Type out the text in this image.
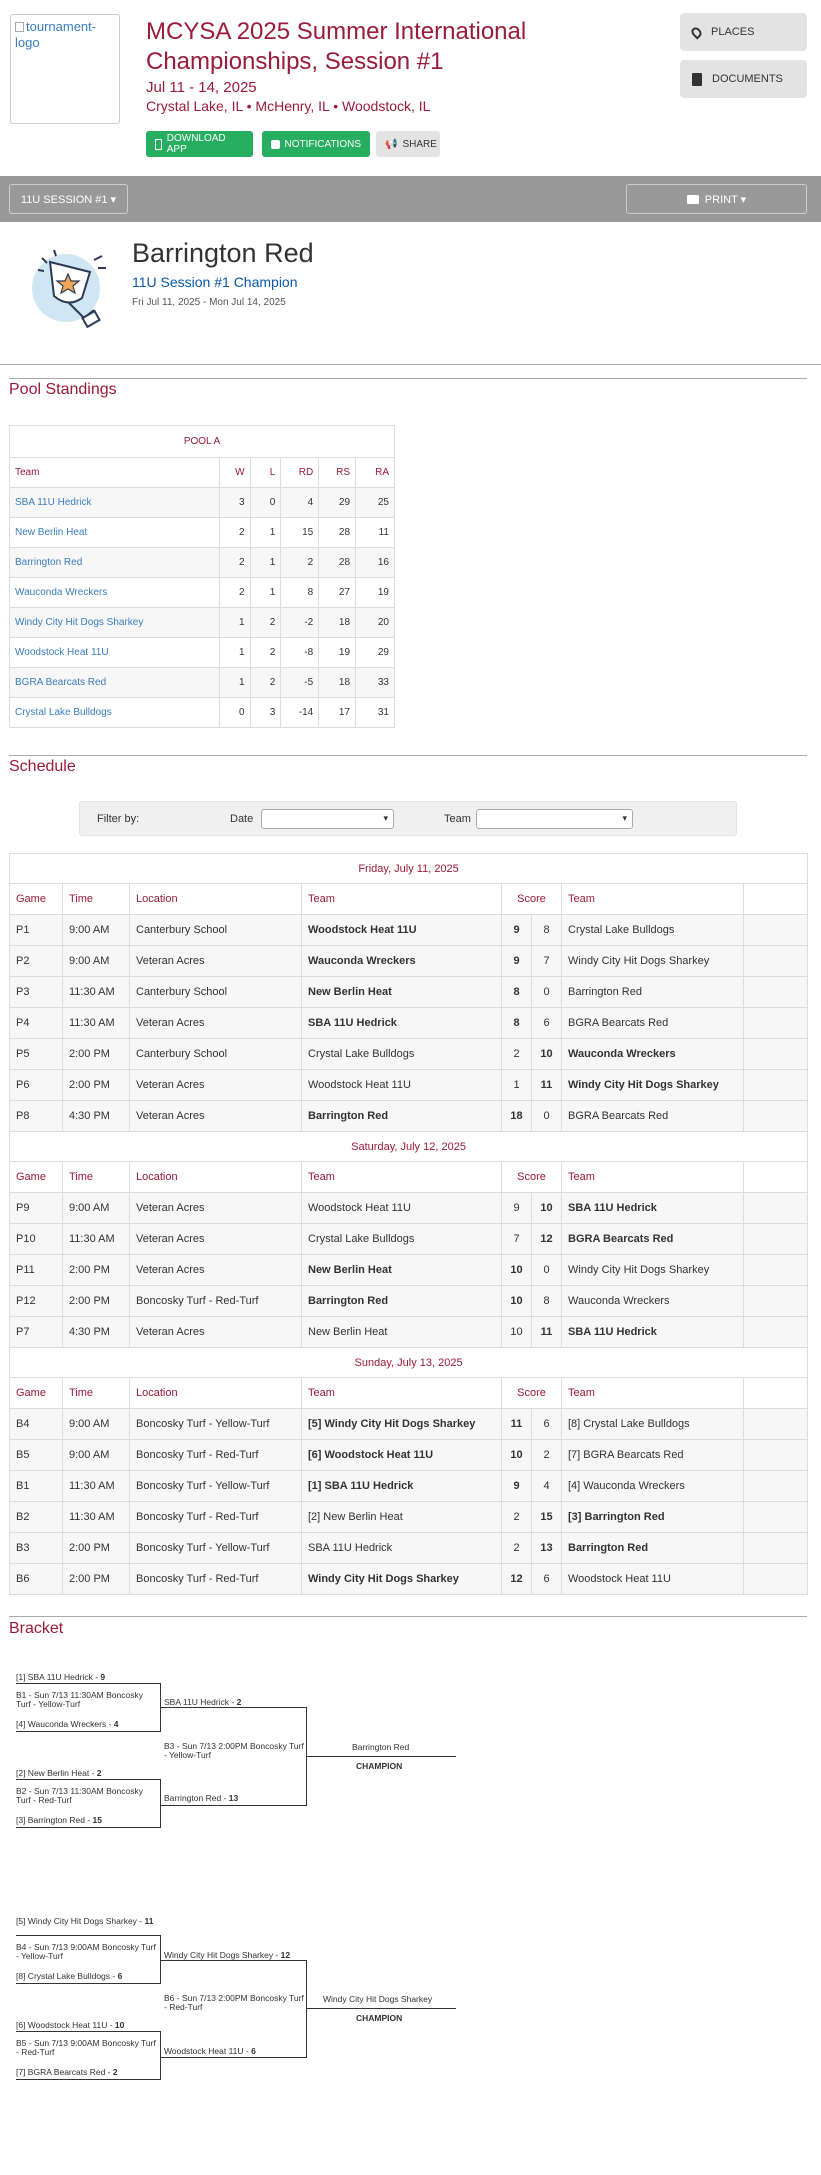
tournament-logo	MCYSA 2025 Summer International Championships, Session #1
Jul 11 - 14, 2025
Crystal Lake, IL • McHenry, IL • Woodstock, IL
DOWNLOAD APP	NOTIFICATIONS 📢 SHARE
PLACES
DOCUMENTS
11U SESSION #1 ▾	PRINT ▾
Barrington Red
11U Session #1 Champion
Fri Jul 11, 2025 - Mon Jul 14, 2025
Pool Standings
POOL A					
Team	W	L	RD	RS	RA
SBA 11U Hedrick	3	0	4	29	25
New Berlin Heat	2	1	15	28	11
Barrington Red	2	1	2	28	16
Wauconda Wreckers	2	1	8	27	19
Windy City Hit Dogs Sharkey	1	2	-2	18	20
Woodstock Heat 11U	1	2	-8	19	29
BGRA Bearcats Red	1	2	-5	18	33
Crystal Lake Bulldogs	0	3	-14	17	31
Schedule
Filter by:	Date	▾	Team	▾
Friday, July 11, 2025							
Game	Time	Location	Team	Score		Team	
P1	9:00 AM	Canterbury School	Woodstock Heat 11U	9	8	Crystal Lake Bulldogs	
P2	9:00 AM	Veteran Acres	Wauconda Wreckers	9	7	Windy City Hit Dogs Sharkey	
P3	11:30 AM	Canterbury School	New Berlin Heat	8	0	Barrington Red	
P4	11:30 AM	Veteran Acres	SBA 11U Hedrick	8	6	BGRA Bearcats Red	
P5	2:00 PM	Canterbury School	Crystal Lake Bulldogs	2	10	Wauconda Wreckers	
P6	2:00 PM	Veteran Acres	Woodstock Heat 11U	1	11	Windy City Hit Dogs Sharkey	
P8	4:30 PM	Veteran Acres	Barrington Red	18	0	BGRA Bearcats Red	
Saturday, July 12, 2025							
Game	Time	Location	Team	Score		Team	
P9	9:00 AM	Veteran Acres	Woodstock Heat 11U	9	10	SBA 11U Hedrick	
P10	11:30 AM	Veteran Acres	Crystal Lake Bulldogs	7	12	BGRA Bearcats Red	
P11	2:00 PM	Veteran Acres	New Berlin Heat	10	0	Windy City Hit Dogs Sharkey	
P12	2:00 PM	Boncosky Turf - Red-Turf	Barrington Red	10	8	Wauconda Wreckers	
P7	4:30 PM	Veteran Acres	New Berlin Heat	10	11	SBA 11U Hedrick	
Sunday, July 13, 2025							
Game	Time	Location	Team	Score		Team	
B4	9:00 AM	Boncosky Turf - Yellow-Turf	[5] Windy City Hit Dogs Sharkey	11	6	[8] Crystal Lake Bulldogs	
B5	9:00 AM	Boncosky Turf - Red-Turf	[6] Woodstock Heat 11U	10	2	[7] BGRA Bearcats Red	
B1	11:30 AM	Boncosky Turf - Yellow-Turf	[1] SBA 11U Hedrick	9	4	[4] Wauconda Wreckers	
B2	11:30 AM	Boncosky Turf - Red-Turf	[2] New Berlin Heat	2	15	[3] Barrington Red	
B3	2:00 PM	Boncosky Turf - Yellow-Turf	SBA 11U Hedrick	2	13	Barrington Red	
B6	2:00 PM	Boncosky Turf - Red-Turf	Windy City Hit Dogs Sharkey	12	6	Woodstock Heat 11U	
Bracket
[1] SBA 11U Hedrick - 9
B1 - Sun 7/13 11:30AM Boncosky Turf - Yellow-Turf
[4] Wauconda Wreckers - 4
SBA 11U Hedrick - 2
B3 - Sun 7/13 2:00PM Boncosky Turf - Yellow-Turf
Barrington Red - 13
[2] New Berlin Heat - 2
B2 - Sun 7/13 11:30AM Boncosky Turf - Red-Turf
[3] Barrington Red - 15
Barrington Red
CHAMPION
[5] Windy City Hit Dogs Sharkey - 11
B4 - Sun 7/13 9:00AM Boncosky Turf - Yellow-Turf
[8] Crystal Lake Bulldogs - 6
Windy City Hit Dogs Sharkey - 12
B6 - Sun 7/13 2:00PM Boncosky Turf - Red-Turf
Woodstock Heat 11U - 6
[6] Woodstock Heat 11U - 10
B5 - Sun 7/13 9:00AM Boncosky Turf - Red-Turf
[7] BGRA Bearcats Red - 2
Windy City Hit Dogs Sharkey
CHAMPION
